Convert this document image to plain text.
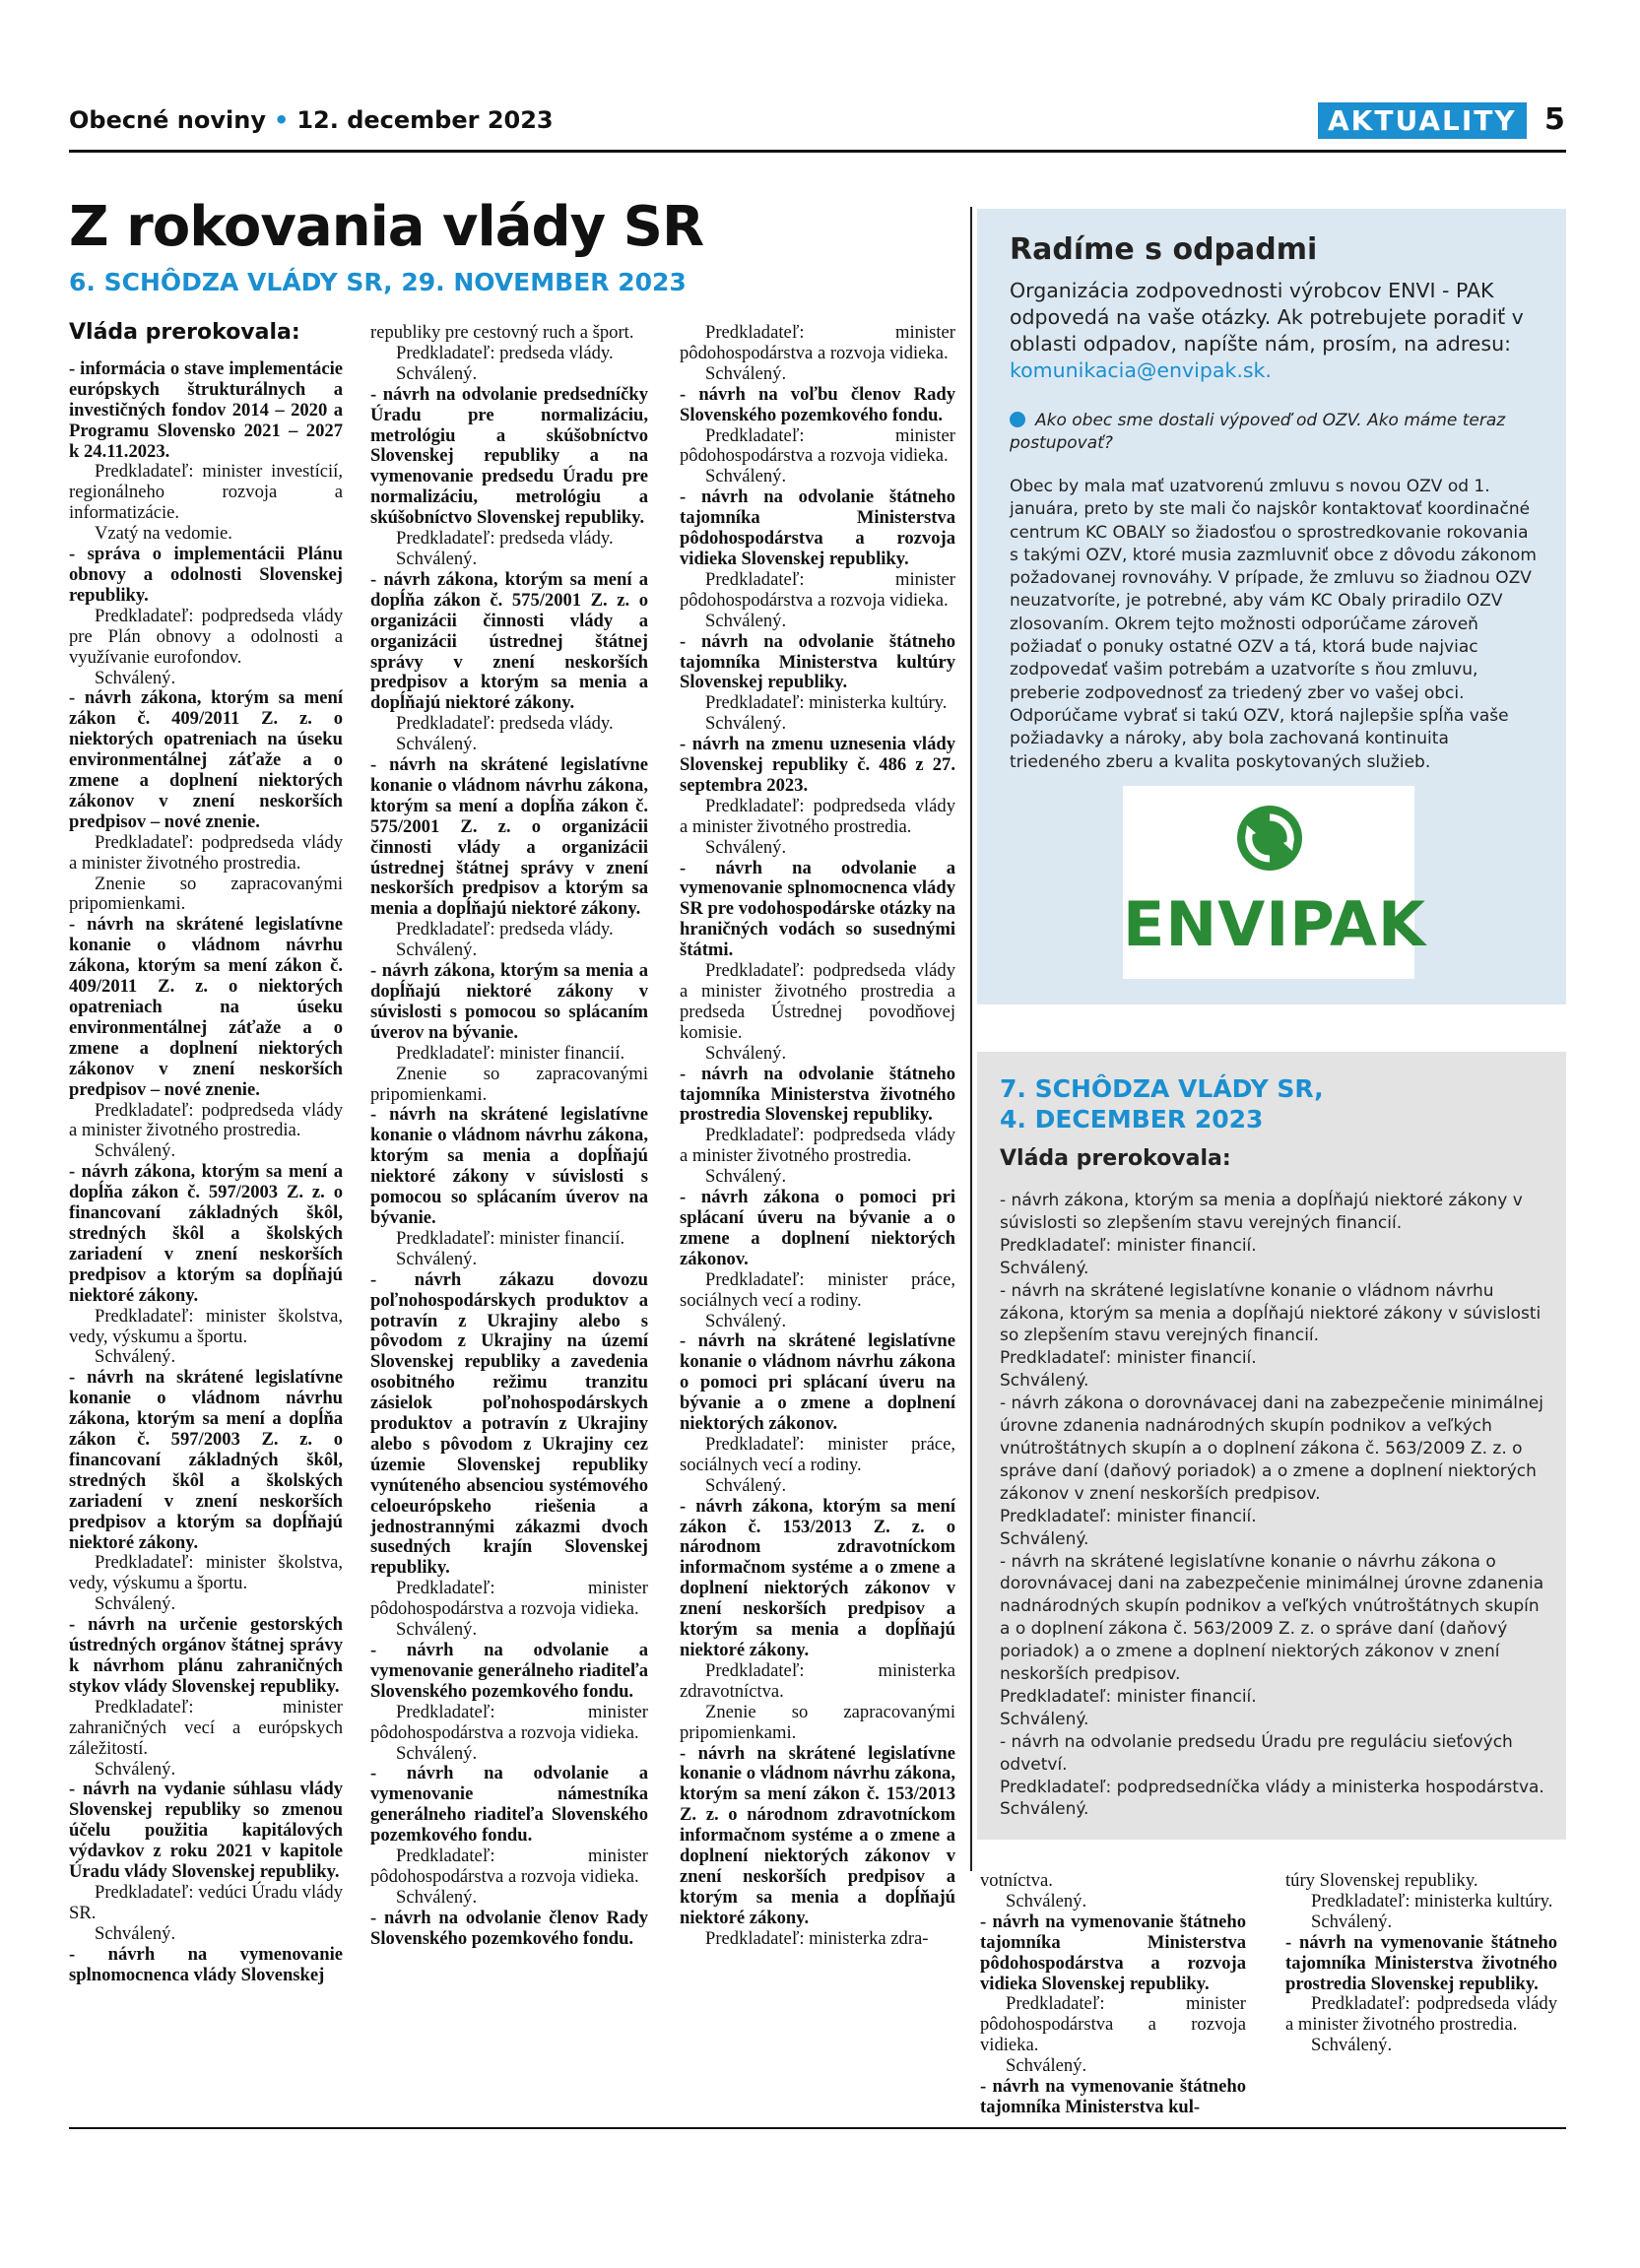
Obecné noviny • 12. december 2023	AKTUALITY 5
Z rokovania vlády SR
6. SCHÔDZA VLÁDY SR, 29. NOVEMBER 2023

Vláda prerokovala:

- informácia o stave implementácie európskych štrukturálnych a investičných fondov 2014 – 2020 a Programu Slovensko 2021 – 2027 k 24.11.2023.

Predkladateľ: minister investícií, regionálneho rozvoja a informatizácie.

Vzatý na vedomie.

- správa o implementácii Plánu obnovy a odolnosti Slovenskej republiky.

Predkladateľ: podpredseda vlády pre Plán obnovy a odolnosti a využívanie eurofondov.

Schválený.

- návrh zákona, ktorým sa mení zákon č. 409/2011 Z. z. o niektorých opatreniach na úseku environmentálnej záťaže a o zmene a doplnení niektorých zákonov v znení neskorších predpisov – nové znenie.

Predkladateľ: podpredseda vlády a minister životného prostredia.

Znenie so zapracovanými pripomienkami.

- návrh na skrátené legislatívne konanie o vládnom návrhu zákona, ktorým sa mení zákon č. 409/2011 Z. z. o niektorých opatreniach na úseku environmentálnej záťaže a o zmene a doplnení niektorých zákonov v znení neskorších predpisov – nové znenie.

Predkladateľ: podpredseda vlády a minister životného prostredia.

Schválený.

- návrh zákona, ktorým sa mení a dopĺňa zákon č. 597/2003 Z. z. o financovaní základných škôl, stredných škôl a školských zariadení v znení neskorších predpisov a ktorým sa dopĺňajú niektoré zákony.

Predkladateľ: minister školstva, vedy, výskumu a športu.

Schválený.

- návrh na skrátené legislatívne konanie o vládnom návrhu zákona, ktorým sa mení a dopĺňa zákon č. 597/2003 Z. z. o financovaní základných škôl, stredných škôl a školských zariadení v znení neskorších predpisov a ktorým sa dopĺňajú niektoré zákony.

Predkladateľ: minister školstva, vedy, výskumu a športu.

Schválený.

- návrh na určenie gestorských ústredných orgánov štátnej správy k návrhom plánu zahraničných stykov vlády Slovenskej republiky.

Predkladateľ: minister zahraničných vecí a európskych záležitostí.

Schválený.

- návrh na vydanie súhlasu vlády Slovenskej republiky so zmenou účelu použitia kapitálových výdavkov z roku 2021 v kapitole Úradu vlády Slovenskej republiky.

Predkladateľ: vedúci Úradu vlády SR.

Schválený.

- návrh na vymenovanie splnomocnenca vlády Slovenskej

republiky pre cestovný ruch a šport.

Predkladateľ: predseda vlády.

Schválený.

- návrh na odvolanie predsedníčky Úradu pre normalizáciu, metrológiu a skúšobníctvo Slovenskej republiky a na vymenovanie predsedu Úradu pre normalizáciu, metrológiu a skúšobníctvo Slovenskej republiky.

Predkladateľ: predseda vlády.

Schválený.

- návrh zákona, ktorým sa mení a dopĺňa zákon č. 575/2001 Z. z. o organizácii činnosti vlády a organizácii ústrednej štátnej správy v znení neskorších predpisov a ktorým sa menia a dopĺňajú niektoré zákony.

Predkladateľ: predseda vlády.

Schválený.

- návrh na skrátené legislatívne konanie o vládnom návrhu zákona, ktorým sa mení a dopĺňa zákon č. 575/2001 Z. z. o organizácii činnosti vlády a organizácii ústrednej štátnej správy v znení neskorších predpisov a ktorým sa menia a dopĺňajú niektoré zákony.

Predkladateľ: predseda vlády.

Schválený.

- návrh zákona, ktorým sa menia a dopĺňajú niektoré zákony v súvislosti s pomocou so splácaním úverov na bývanie.

Predkladateľ: minister financií.

Znenie so zapracovanými pripomienkami.

- návrh na skrátené legislatívne konanie o vládnom návrhu zákona, ktorým sa menia a dopĺňajú niektoré zákony v súvislosti s pomocou so splácaním úverov na bývanie.

Predkladateľ: minister financií.

Schválený.

- návrh zákazu dovozu poľnohospodárskych produktov a potravín z Ukrajiny alebo s pôvodom z Ukrajiny na území Slovenskej republiky a zavedenia osobitného režimu tranzitu zásielok poľnohospodárskych produktov a potravín z Ukrajiny alebo s pôvodom z Ukrajiny cez územie Slovenskej republiky vynúteného absenciou systémového celoeurópskeho riešenia a jednostrannými zákazmi dvoch susedných krajín Slovenskej republiky.

Predkladateľ: minister pôdohospodárstva a rozvoja vidieka.

Schválený.

- návrh na odvolanie a vymenovanie generálneho riaditeľa Slovenského pozemkového fondu.

Predkladateľ: minister pôdohospodárstva a rozvoja vidieka.

Schválený.

- návrh na odvolanie a vymenovanie námestníka generálneho riaditeľa Slovenského pozemkového fondu.

Predkladateľ: minister pôdohospodárstva a rozvoja vidieka.

Schválený.

- návrh na odvolanie členov Rady Slovenského pozemkového fondu.

Predkladateľ: minister pôdohospodárstva a rozvoja vidieka.

Schválený.

- návrh na voľbu členov Rady Slovenského pozemkového fondu.

Predkladateľ: minister pôdohospodárstva a rozvoja vidieka.

Schválený.

- návrh na odvolanie štátneho tajomníka Ministerstva pôdohospodárstva a rozvoja vidieka Slovenskej republiky.

Predkladateľ: minister pôdohospodárstva a rozvoja vidieka.

Schválený.

- návrh na odvolanie štátneho tajomníka Ministerstva kultúry Slovenskej republiky.

Predkladateľ: ministerka kultúry.

Schválený.

- návrh na zmenu uznesenia vlády Slovenskej republiky č. 486 z 27. septembra 2023.

Predkladateľ: podpredseda vlády a minister životného prostredia.

Schválený.

- návrh na odvolanie a vymenovanie splnomocnenca vlády SR pre vodohospodárske otázky na hraničných vodách so susednými štátmi.

Predkladateľ: podpredseda vlády a minister životného prostredia a predseda Ústrednej povodňovej komisie.

Schválený.

- návrh na odvolanie štátneho tajomníka Ministerstva životného prostredia Slovenskej republiky.

Predkladateľ: podpredseda vlády a minister životného prostredia.

Schválený.

- návrh zákona o pomoci pri splácaní úveru na bývanie a o zmene a doplnení niektorých zákonov.

Predkladateľ: minister práce, sociálnych vecí a rodiny.

Schválený.

- návrh na skrátené legislatívne konanie o vládnom návrhu zákona o pomoci pri splácaní úveru na bývanie a o zmene a doplnení niektorých zákonov.

Predkladateľ: minister práce, sociálnych vecí a rodiny.

Schválený.

- návrh zákona, ktorým sa mení zákon č. 153/2013 Z. z. o národnom zdravotníckom informačnom systéme a o zmene a doplnení niektorých zákonov v znení neskorších predpisov a ktorým sa menia a dopĺňajú niektoré zákony.

Predkladateľ: ministerka zdravotníctva.

Znenie so zapracovanými pripomienkami.

- návrh na skrátené legislatívne konanie o vládnom návrhu zákona, ktorým sa mení zákon č. 153/2013 Z. z. o národnom zdravotníckom informačnom systéme a o zmene a doplnení niektorých zákonov v znení neskorších predpisov a ktorým sa menia a dopĺňajú niektoré zákony.

Predkladateľ: ministerka zdra-

votníctva.

Schválený.

- návrh na vymenovanie štátneho tajomníka Ministerstva pôdohospodárstva a rozvoja vidieka Slovenskej republiky.

Predkladateľ: minister pôdohospodárstva a rozvoja vidieka.

Schválený.

- návrh na vymenovanie štátneho tajomníka Ministerstva kul-

túry Slovenskej republiky.

Predkladateľ: ministerka kultúry.

Schválený.

- návrh na vymenovanie štátneho tajomníka Ministerstva životného prostredia Slovenskej republiky.

Predkladateľ: podpredseda vlády a minister životného prostredia.

Schválený.

Radíme s odpadmi
Organizácia zodpovednosti výrobcov ENVI - PAK odpovedá na vaše otázky. Ak potrebujete poradiť v oblasti odpadov, napíšte nám, prosím, na adresu: komunikacia@envipak.sk.
Ako obec sme dostali výpoveď od OZV. Ako máme teraz postupovať?
Obec by mala mať uzatvorenú zmluvu s novou OZV od 1. januára, preto by ste mali čo najskôr kontaktovať koordinačné centrum KC OBALY so žiadosťou o sprostredkovanie rokovania s takými OZV, ktoré musia zazmluvniť obce z dôvodu zákonom požadovanej rovnováhy. V prípade, že zmluvu so žiadnou OZV neuzatvoríte, je potrebné, aby vám KC Obaly priradilo OZV zlosovaním. Okrem tejto možnosti odporúčame zároveň požiadať o ponuky ostatné OZV a tá, ktorá bude najviac zodpovedať vašim potrebám a uzatvoríte s ňou zmluvu, preberie zodpovednosť za triedený zber vo vašej obci. Odporúčame vybrať si takú OZV, ktorá najlepšie spĺňa vaše požiadavky a nároky, aby bola zachovaná kontinuita triedeného zberu a kvalita poskytovaných služieb.
ENVIPAK
7. SCHÔDZA VLÁDY SR,
4. DECEMBER 2023
Vláda prerokovala:

- návrh zákona, ktorým sa menia a dopĺňajú niektoré zákony v súvislosti so zlepšením stavu verejných financií.

Predkladateľ: minister financií.

Schválený.

- návrh na skrátené legislatívne konanie o vládnom návrhu zákona, ktorým sa menia a dopĺňajú niektoré zákony v súvislosti so zlepšením stavu verejných financií.

Predkladateľ: minister financií.

Schválený.

- návrh zákona o dorovnávacej dani na zabezpečenie minimálnej úrovne zdanenia nadnárodných skupín podnikov a veľkých vnútroštátnych skupín a o doplnení zákona č. 563/2009 Z. z. o správe daní (daňový poriadok) a o zmene a doplnení niektorých zákonov v znení neskorších predpisov.

Predkladateľ: minister financií.

Schválený.

- návrh na skrátené legislatívne konanie o návrhu zákona o dorovnávacej dani na zabezpečenie minimálnej úrovne zdanenia nadnárodných skupín podnikov a veľkých vnútroštátnych skupín a o doplnení zákona č. 563/2009 Z. z. o správe daní (daňový poriadok) a o zmene a doplnení niektorých zákonov v znení neskorších predpisov.

Predkladateľ: minister financií.

Schválený.

- návrh na odvolanie predsedu Úradu pre reguláciu sieťových odvetví.

Predkladateľ: podpredsedníčka vlády a ministerka hospodárstva.

Schválený.
